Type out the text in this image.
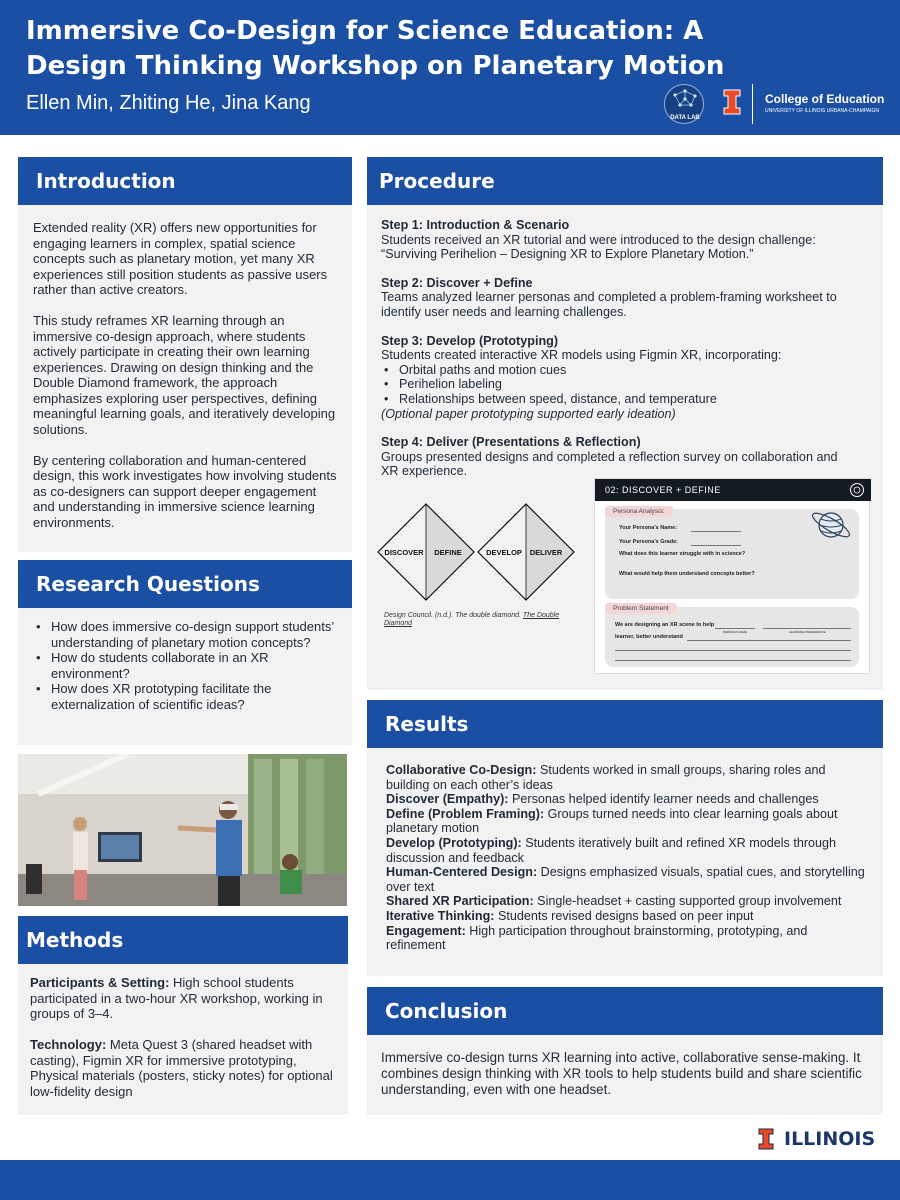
Immersive Co-Design for Science Education: A Design Thinking Workshop on Planetary Motion
Ellen Min, Zhiting He, Jina Kang
DATA LAB
College of Education
UNIVERSITY OF ILLINOIS URBANA-CHAMPAIGN
Introduction

Extended reality (XR) offers new opportunities for engaging learners in complex, spatial science concepts such as planetary motion, yet many XR experiences still position students as passive users rather than active creators.

This study reframes XR learning through an immersive co-design approach, where students actively participate in creating their own learning experiences. Drawing on design thinking and the Double Diamond framework, the approach emphasizes exploring user perspectives, defining meaningful learning goals, and iteratively developing solutions.

By centering collaboration and human-centered design, this work investigates how involving students as co-designers can support deeper engagement and understanding in immersive science learning environments.

Research Questions
• How does immersive co-design support students’ understanding of planetary motion concepts?
• How do students collaborate in an XR environment?
• How does XR prototyping facilitate the externalization of scientific ideas?
Methods

Participants & Setting: High school students participated in a two-hour XR workshop, working in groups of 3–4.

Technology: Meta Quest 3 (shared headset with casting), Figmin XR for immersive prototyping, Physical materials (posters, sticky notes) for optional low-fidelity design

Procedure
Step 1: Introduction & Scenario
Students received an XR tutorial and were introduced to the design challenge: “Surviving Perihelion – Designing XR to Explore Planetary Motion.”
Step 2: Discover + Define
Teams analyzed learner personas and completed a problem-framing worksheet to identify user needs and learning challenges.
Step 3: Develop (Prototyping)
Students created interactive XR models using Figmin XR, incorporating:
• Orbital paths and motion cues
• Perihelion labeling
• Relationships between speed, distance, and temperature
(Optional paper prototyping supported early ideation)
Step 4: Deliver (Presentations & Reflection)
Groups presented designs and completed a reflection survey on collaboration and XR experience.
DISCOVER DEFINE	DEVELOP DELIVER
Design Council. (n.d.). The double diamond. The Double Diamond
02: DISCOVER + DEFINE
Persona Analysis:
Your Persona’s Name:
Your Persona’s Grade:
What does this learner struggle with in science?
What would help them understand concepts better?
Problem Statement
We are designing an XR scene to help
PERSONA NAME	LEARNING PREFERENCE
learner, better understand
Results
Collaborative Co-Design: Students worked in small groups, sharing roles and building on each other’s ideas
Discover (Empathy): Personas helped identify learner needs and challenges
Define (Problem Framing): Groups turned needs into clear learning goals about planetary motion
Develop (Prototyping): Students iteratively built and refined XR models through discussion and feedback
Human-Centered Design: Designs emphasized visuals, spatial cues, and storytelling over text
Shared XR Participation: Single-headset + casting supported group involvement
Iterative Thinking: Students revised designs based on peer input
Engagement: High participation throughout brainstorming, prototyping, and refinement
Conclusion
Immersive co-design turns XR learning into active, collaborative sense-making. It combines design thinking with XR tools to help students build and share scientific understanding, even with one headset.
ILLINOIS
